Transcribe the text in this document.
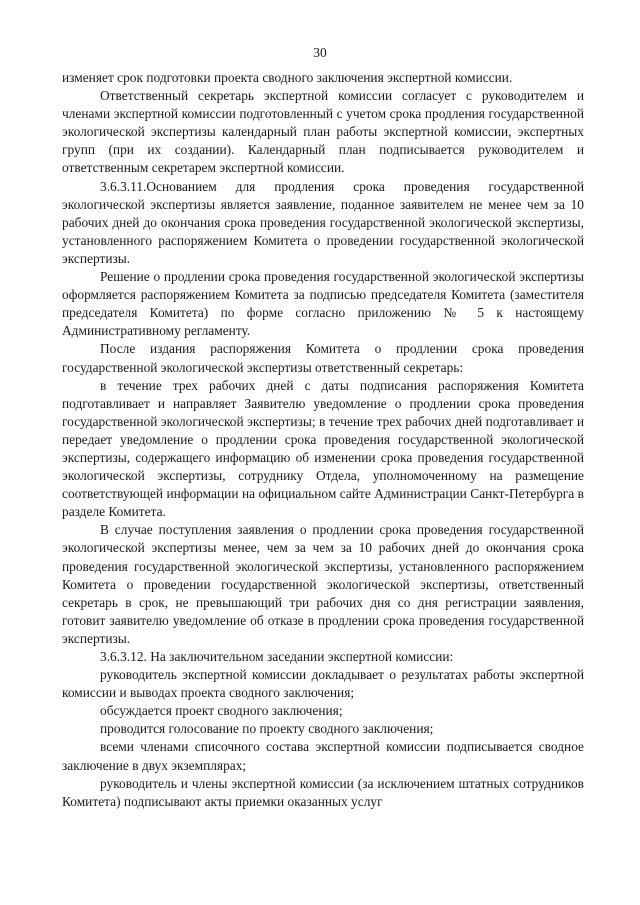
30

изменяет срок подготовки проекта сводного заключения экспертной комиссии.

Ответственный секретарь экспертной комиссии согласует с руководителем и членами экспертной комиссии подготовленный с учетом срока продления государственной экологической экспертизы календарный план работы экспертной комиссии, экспертных групп (при их создании). Календарный план подписывается руководителем и ответственным секретарем экспертной комиссии.

3.6.3.11.Основанием для продления срока проведения государственной экологической экспертизы является заявление, поданное заявителем не менее чем за 10 рабочих дней до окончания срока проведения государственной экологической экспертизы, установленного распоряжением Комитета о проведении государственной экологической экспертизы.

Решение о продлении срока проведения государственной экологической экспертизы оформляется распоряжением Комитета за подписью председателя Комитета (заместителя председателя Комитета) по форме согласно приложению № 5 к настоящему Административному регламенту.

После издания распоряжения Комитета о продлении срока проведения государственной экологической экспертизы ответственный секретарь:

в течение трех рабочих дней с даты подписания распоряжения Комитета подготавливает и направляет Заявителю уведомление о продлении срока проведения государственной экологической экспертизы; в течение трех рабочих дней подготавливает и передает уведомление о продлении срока проведения государственной экологической экспертизы, содержащего информацию об изменении срока проведения государственной экологической экспертизы, сотруднику Отдела, уполномоченному на размещение соответствующей информации на официальном сайте Администрации Санкт-Петербурга в разделе Комитета.

В случае поступления заявления о продлении срока проведения государственной экологической экспертизы менее, чем за чем за 10 рабочих дней до окончания срока проведения государственной экологической экспертизы, установленного распоряжением Комитета о проведении государственной экологической экспертизы, ответственный секретарь в срок, не превышающий три рабочих дня со дня регистрации заявления, готовит заявителю уведомление об отказе в продлении срока проведения государственной экспертизы.

3.6.3.12. На заключительном заседании экспертной комиссии:

руководитель экспертной комиссии докладывает о результатах работы экспертной комиссии и выводах проекта сводного заключения;

обсуждается проект сводного заключения;

проводится голосование по проекту сводного заключения;

всеми членами списочного состава экспертной комиссии подписывается сводное заключение в двух экземплярах;

руководитель и члены экспертной комиссии (за исключением штатных сотрудников Комитета) подписывают акты приемки оказанных услуг
